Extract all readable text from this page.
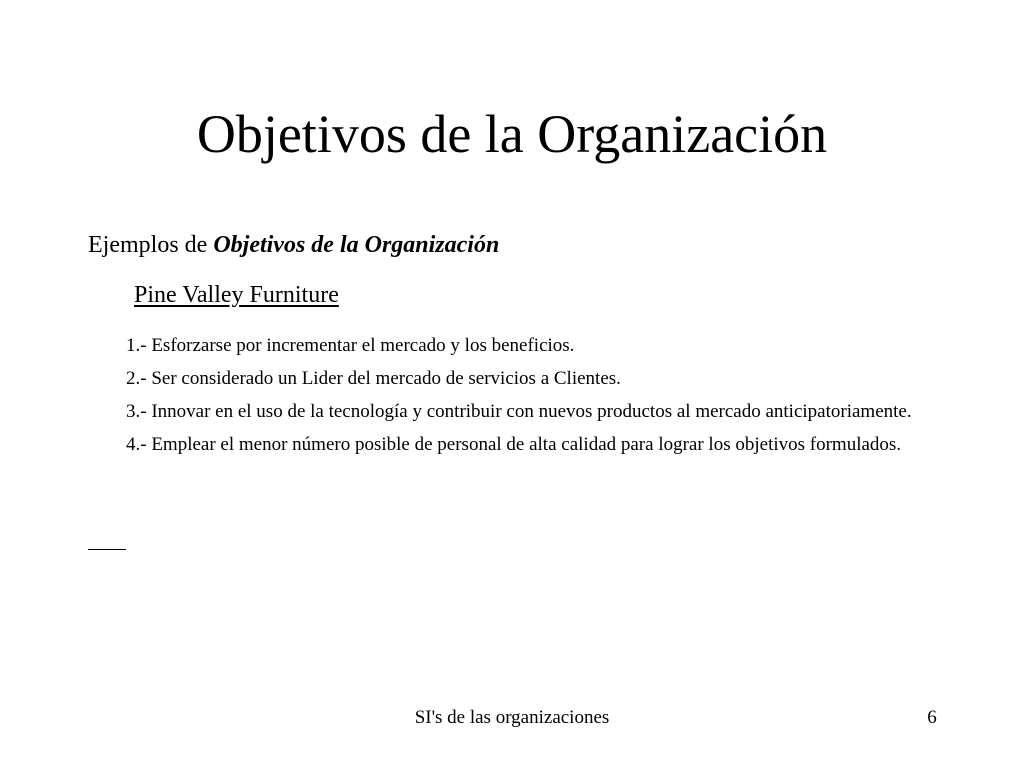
Objetivos de la Organización
Ejemplos de Objetivos de la Organización
Pine Valley Furniture
1.- Esforzarse por incrementar el mercado y los beneficios.
2.- Ser considerado un Lider del mercado de servicios a Clientes.
3.- Innovar en el uso de la tecnología y contribuir con nuevos productos al mercado anticipatoriamente.
4.- Emplear el menor número posible de personal de alta calidad para lograr los objetivos formulados.
SI's de las organizaciones	6
